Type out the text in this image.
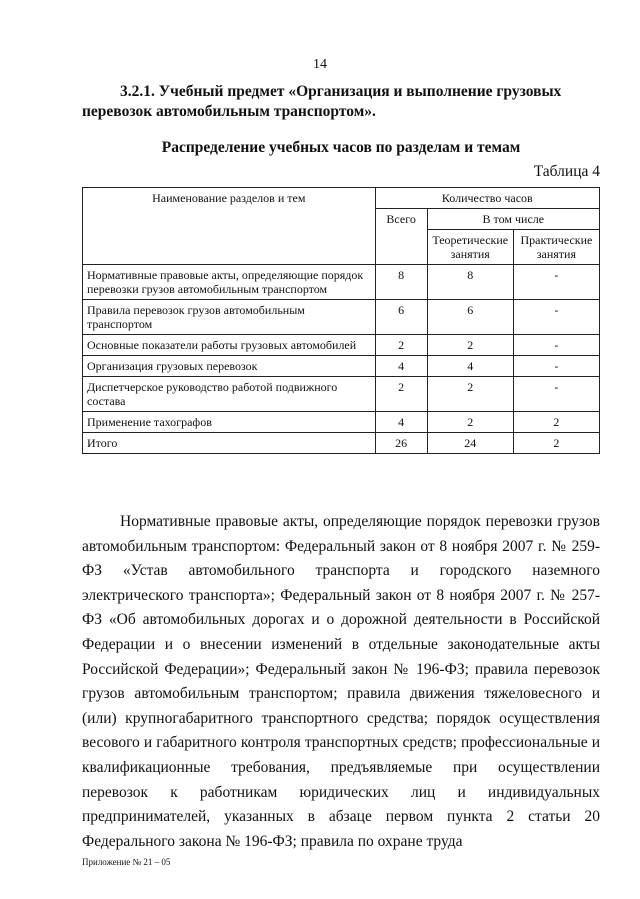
14
3.2.1. Учебный предмет «Организация и выполнение грузовых перевозок автомобильным транспортом».
Распределение учебных часов по разделам и темам
Таблица 4
Наименование разделов и тем	Количество часов		
	Всего	В том числе	
		Теоретические занятия	Практические занятия
Нормативные правовые акты, определяющие порядок перевозки грузов автомобильным транспортом	8	8	-
Правила перевозок грузов автомобильным транспортом	6	6	-
Основные показатели работы грузовых автомобилей	2	2	-
Организация грузовых перевозок	4	4	-
Диспетчерское руководство работой подвижного состава	2	2	-
Применение тахографов	4	2	2
Итого	26	24	2
Нормативные правовые акты, определяющие порядок перевозки грузов автомобильным транспортом: Федеральный закон от 8 ноября 2007 г. № 259-ФЗ «Устав автомобильного транспорта и городского наземного электрического транспорта»; Федеральный закон от 8 ноября 2007 г. № 257-ФЗ «Об автомобильных дорогах и о дорожной деятельности в Российской Федерации и о внесении изменений в отдельные законодательные акты Российской Федерации»; Федеральный закон № 196-ФЗ; правила перевозок грузов автомобильным транспортом; правила движения тяжеловесного и (или) крупногабаритного транспортного средства; порядок осуществления весового и габаритного контроля транспортных средств; профессиональные и квалификационные требования, предъявляемые при осуществлении перевозок к работникам юридических лиц и индивидуальных предпринимателей, указанных в абзаце первом пункта 2 статьи 20 Федерального закона № 196-ФЗ; правила по охране труда
Приложение № 21 – 05
